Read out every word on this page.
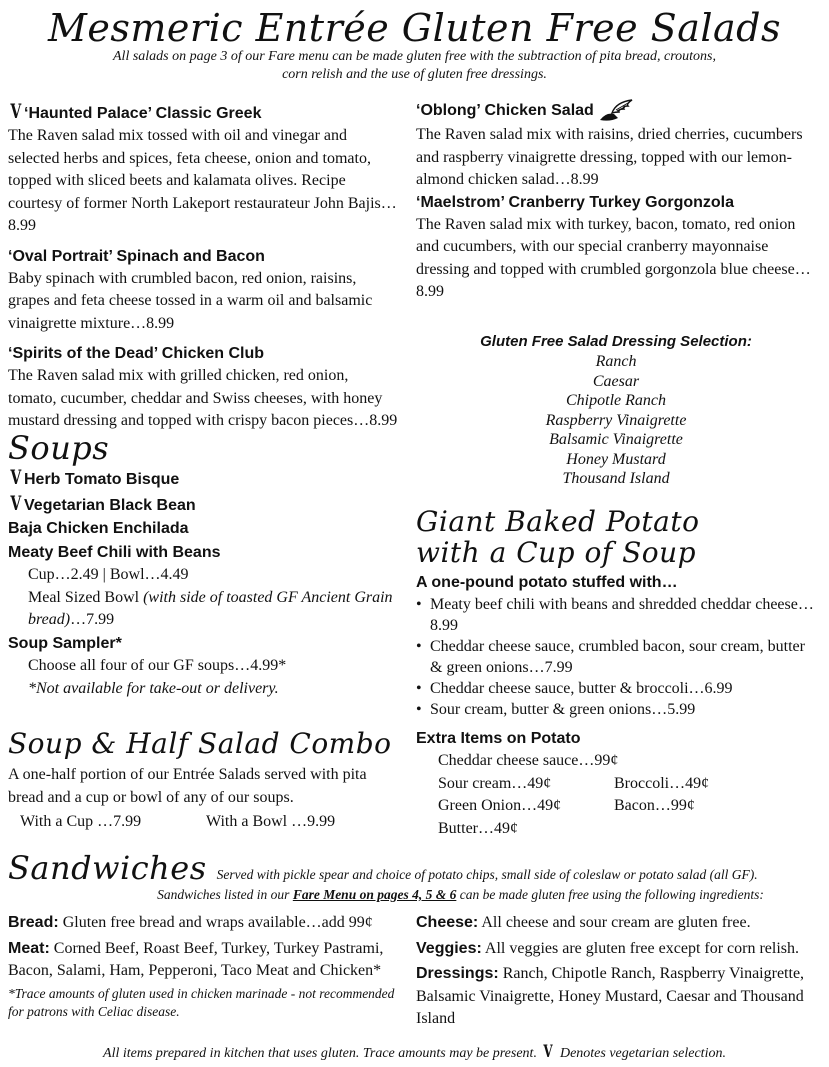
Mesmeric Entrée Gluten Free Salads
All salads on page 3 of our Fare menu can be made gluten free with the subtraction of pita bread, croutons, corn relish and the use of gluten free dressings.
V ‘Haunted Palace’ Classic Greek
The Raven salad mix tossed with oil and vinegar and selected herbs and spices, feta cheese, onion and tomato, topped with sliced beets and kalamata olives. Recipe courtesy of former North Lakeport restaurateur John Bajis…8.99
‘Oval Portrait’ Spinach and Bacon
Baby spinach with crumbled bacon, red onion, raisins, grapes and feta cheese tossed in a warm oil and balsamic vinaigrette mixture…8.99
‘Spirits of the Dead’ Chicken Club
The Raven salad mix with grilled chicken, red onion, tomato, cucumber, cheddar and Swiss cheeses, with honey mustard dressing and topped with crispy bacon pieces…8.99
‘Oblong’ Chicken Salad
The Raven salad mix with raisins, dried cherries, cucumbers and raspberry vinaigrette dressing, topped with our lemon-almond chicken salad…8.99
‘Maelstrom’ Cranberry Turkey Gorgonzola
The Raven salad mix with turkey, bacon, tomato, red onion and cucumbers, with our special cranberry mayonnaise dressing and topped with crumbled gorgonzola blue cheese…8.99
Gluten Free Salad Dressing Selection:
Ranch
Caesar
Chipotle Ranch
Raspberry Vinaigrette
Balsamic Vinaigrette
Honey Mustard
Thousand Island
Soups
V Herb Tomato Bisque
V Vegetarian Black Bean
Baja Chicken Enchilada
Meaty Beef Chili with Beans
Cup…2.49 | Bowl…4.49
Meal Sized Bowl (with side of toasted GF Ancient Grain bread)…7.99
Soup Sampler*
Choose all four of our GF soups…4.99*
*Not available for take-out or delivery.
Soup & Half Salad Combo
A one-half portion of our Entrée Salads served with pita bread and a cup or bowl of any of our soups.
With a Cup …7.99	With a Bowl …9.99
Giant Baked Potato
with a Cup of Soup
A one-pound potato stuffed with…
• Meaty beef chili with beans and shredded cheddar cheese…8.99
• Cheddar cheese sauce, crumbled bacon, sour cream, butter & green onions…7.99
• Cheddar cheese sauce, butter & broccoli…6.99
• Sour cream, butter & green onions…5.99
Extra Items on Potato
Cheddar cheese sauce…99¢
Sour cream…49¢	Broccoli…49¢
Green Onion…49¢	Bacon…99¢
Butter…49¢
Sandwiches Served with pickle spear and choice of potato chips, small side of coleslaw or potato salad (all GF).
Sandwiches listed in our Fare Menu on pages 4, 5 & 6 can be made gluten free using the following ingredients:
Bread: Gluten free bread and wraps available…add 99¢
Meat: Corned Beef, Roast Beef, Turkey, Turkey Pastrami, Bacon, Salami, Ham, Pepperoni, Taco Meat and Chicken*
*Trace amounts of gluten used in chicken marinade - not recommended for patrons with Celiac disease.
Cheese: All cheese and sour cream are gluten free.
Veggies: All veggies are gluten free except for corn relish.
Dressings: Ranch, Chipotle Ranch, Raspberry Vinaigrette, Balsamic Vinaigrette, Honey Mustard, Caesar and Thousand Island
All items prepared in kitchen that uses gluten. Trace amounts may be present. V Denotes vegetarian selection.
